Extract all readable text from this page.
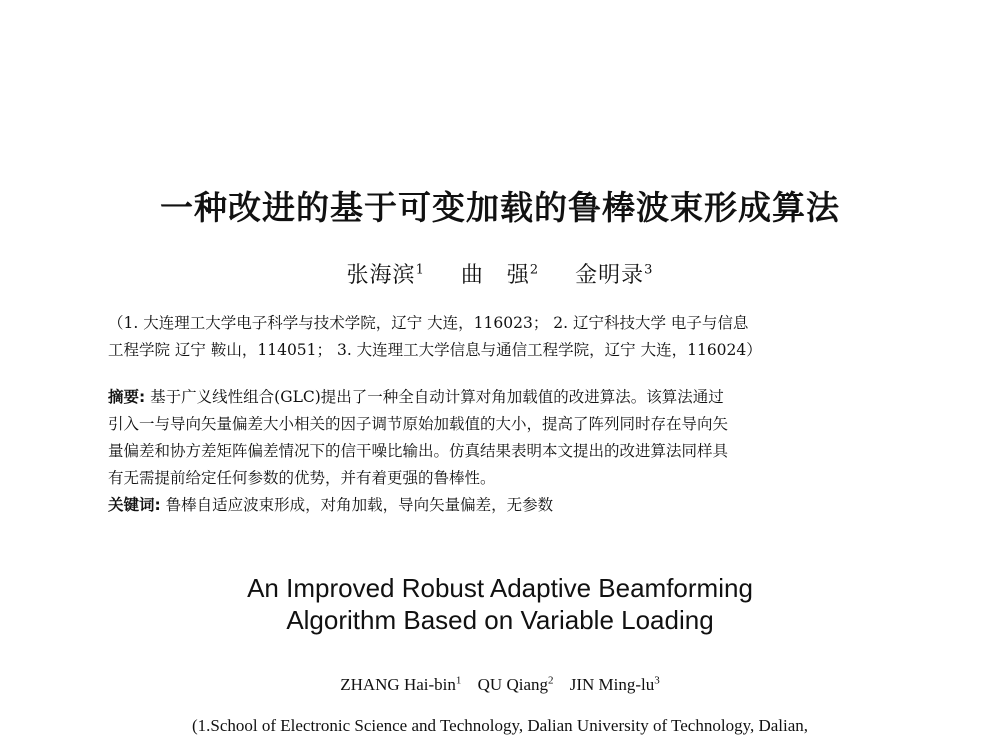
一种改进的基于可变加载的鲁棒波束形成算法
张海滨$^1$ 曲　强$^2$ 金明录$^3$
（1. 大连理工大学电子科学与技术学院，辽宁 大连，116023； 2. 辽宁科技大学 电子与信息
工程学院 辽宁 鞍山，114051； 3. 大连理工大学信息与通信工程学院，辽宁 大连，116024）
摘要: 基于广义线性组合(GLC)提出了一种全自动计算对角加载值的改进算法。该算法通过
引入一与导向矢量偏差大小相关的因子调节原始加载值的大小，提高了阵列同时存在导向矢
量偏差和协方差矩阵偏差情况下的信干噪比输出。仿真结果表明本文提出的改进算法同样具
有无需提前给定任何参数的优势，并有着更强的鲁棒性。
关键词: 鲁棒自适应波束形成，对角加载，导向矢量偏差，无参数
An Improved Robust Adaptive Beamforming
Algorithm Based on Variable Loading
ZHANG Hai-bin$^1$ QU Qiang$^2$ JIN Ming-$lu^3$
(1.School of Electronic Science and Technology, Dalian University of Technology, Dalian,
